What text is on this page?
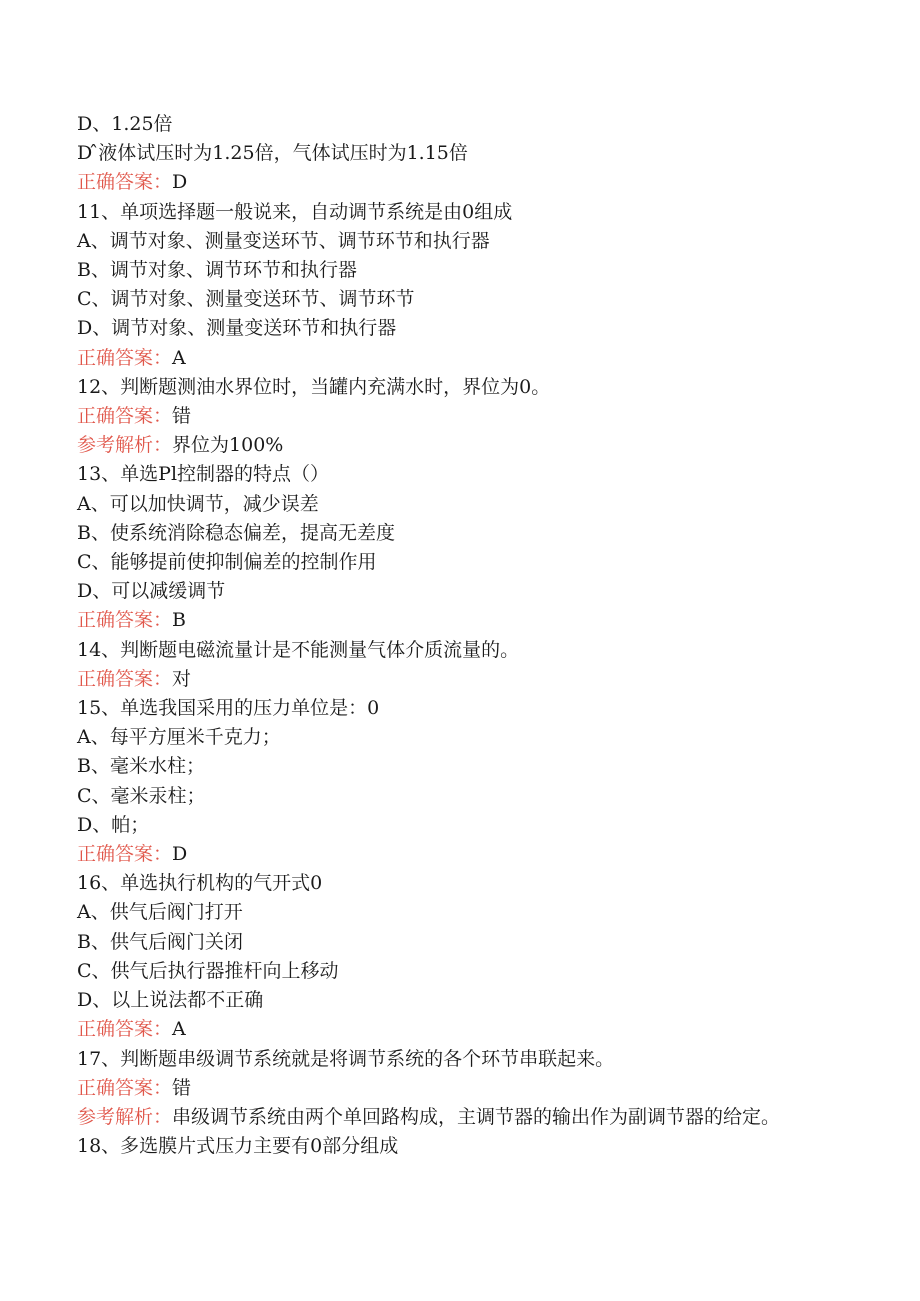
D、1.25倍

D ̂液体试压时为1.25倍，气体试压时为1.15倍

正确答案：D

11、单项选择题一般说来，自动调节系统是由0组成

A、调节对象、测量变送环节、调节环节和执行器

B、调节对象、调节环节和执行器

C、调节对象、测量变送环节、调节环节

D、调节对象、测量变送环节和执行器

正确答案：A

12、判断题测油水界位时，当罐内充满水时，界位为0。

正确答案：错

参考解析：界位为100%

13、单选Pl控制器的特点（）

A、可以加快调节，减少误差

B、使系统消除稳态偏差，提高无差度

C、能够提前使抑制偏差的控制作用

D、可以减缓调节

正确答案：B

14、判断题电磁流量计是不能测量气体介质流量的。

正确答案：对

15、单选我国采用的压力单位是：0

A、每平方厘米千克力；

B、毫米水柱；

C、毫米汞柱；

D、帕；

正确答案：D

16、单选执行机构的气开式0

A、供气后阀门打开

B、供气后阀门关闭

C、供气后执行器推杆向上移动

D、以上说法都不正确

正确答案：A

17、判断题串级调节系统就是将调节系统的各个环节串联起来。

正确答案：错

参考解析：串级调节系统由两个单回路构成，主调节器的输出作为副调节器的给定。

18、多选膜片式压力主要有0部分组成
